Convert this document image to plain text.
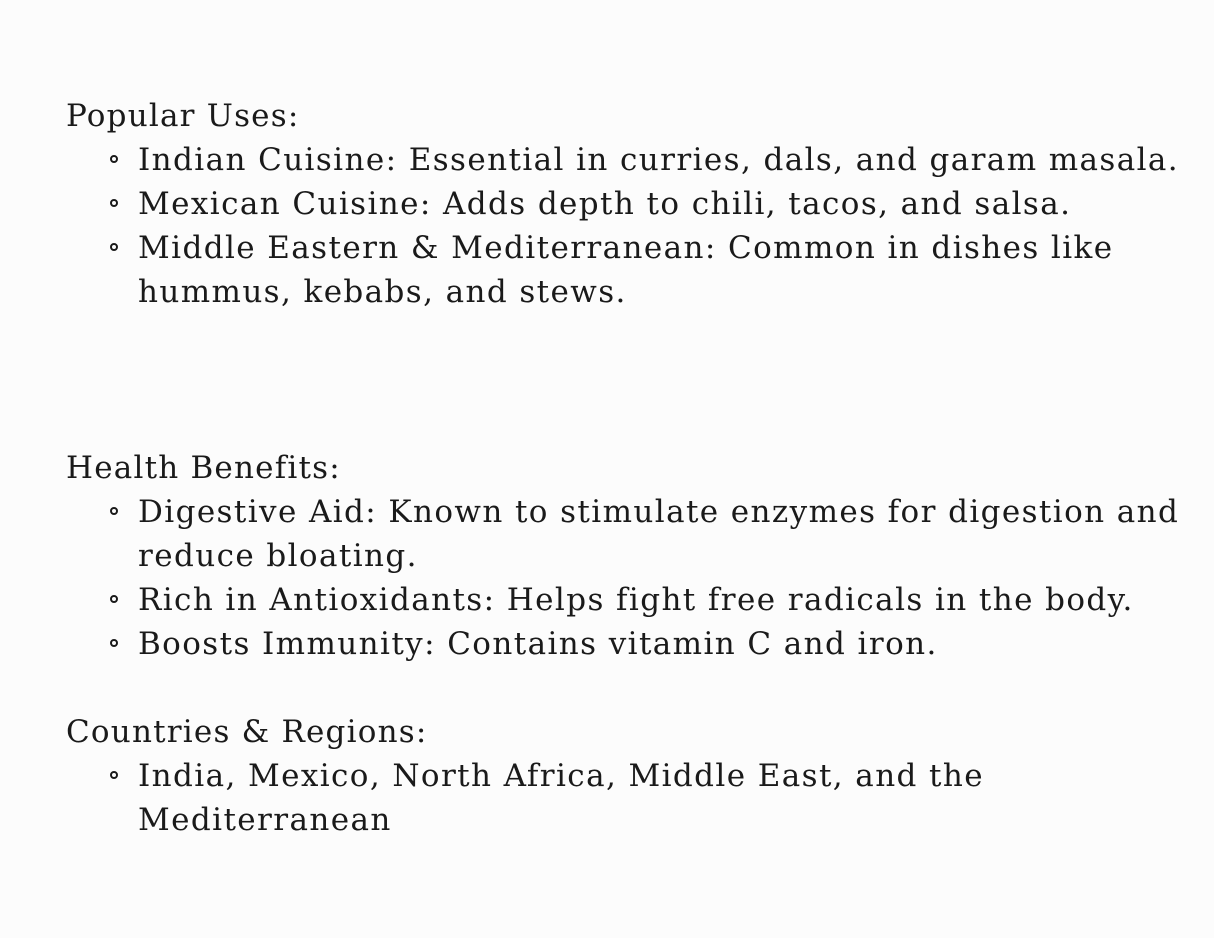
Popular Uses:
Indian Cuisine: Essential in curries, dals, and garam masala.
Mexican Cuisine: Adds depth to chili, tacos, and salsa.
Middle Eastern & Mediterranean: Common in dishes like hummus, kebabs, and stews.
Health Benefits:
Digestive Aid: Known to stimulate enzymes for digestion and reduce bloating.
Rich in Antioxidants: Helps fight free radicals in the body.
Boosts Immunity: Contains vitamin C and iron.
Countries & Regions:
India, Mexico, North Africa, Middle East, and the Mediterranean
